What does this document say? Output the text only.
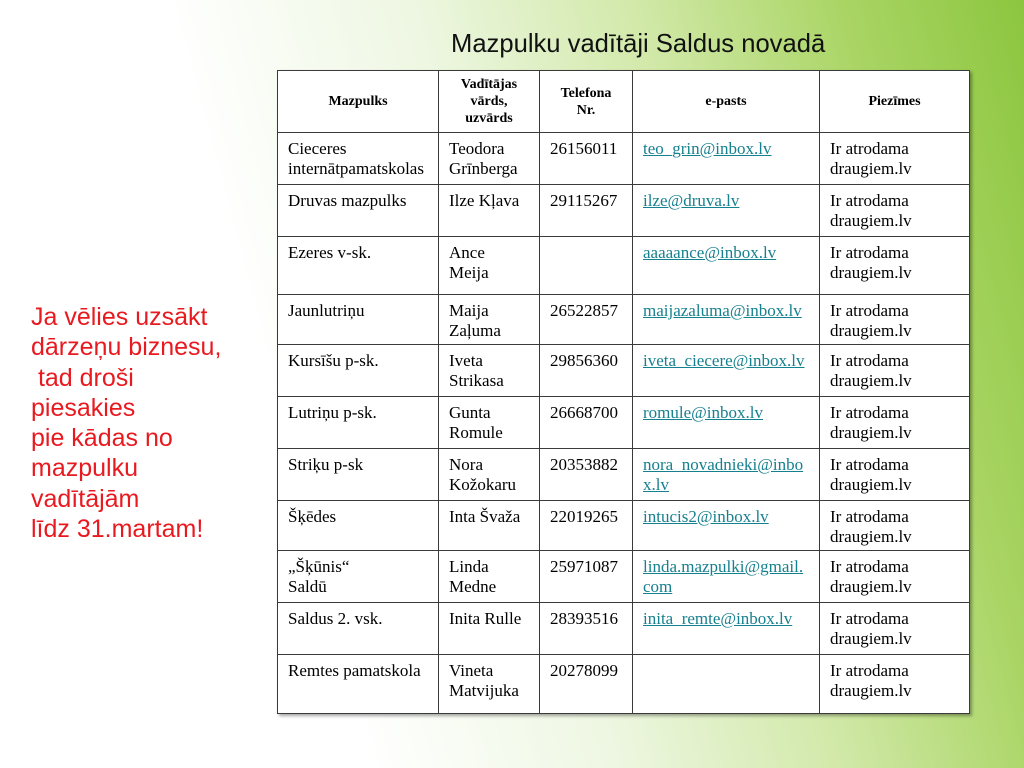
Mazpulku vadītāji Saldus novadā
Ja vēlies uzsākt
dārzeņu biznesu,
tad droši
piesakies
pie kādas no
mazpulku
vadītājām
līdz 31.martam!
Mazpulks	Vadītājas vārds, uzvārds	Telefona Nr.	e-pasts	Piezīmes
Cieceres internātpamatskolas	Teodora Grīnberga	26156011	teo_grin@inbox.lv	Ir atrodama draugiem.lv
Druvas mazpulks	Ilze Kļava	29115267	ilze@druva.lv	Ir atrodama draugiem.lv
Ezeres v-sk.	Ance Meija		aaaaance@inbox.lv	Ir atrodama draugiem.lv
Jaunlutriņu	Maija Zaļuma	26522857	maijazaluma@inbox.lv	Ir atrodama draugiem.lv
Kursīšu p-sk.	Iveta Strikasa	29856360	iveta_ciecere@inbox.lv	Ir atrodama draugiem.lv
Lutriņu p-sk.	Gunta Romule	26668700	romule@inbox.lv	Ir atrodama draugiem.lv
Striķu p-sk	Nora Kožokaru	20353882	nora_novadnieki@inbox.lv	Ir atrodama draugiem.lv
Šķēdes	Inta Švaža	22019265	intucis2@inbox.lv	Ir atrodama draugiem.lv
„Šķūnis“
Saldū	Linda Medne	25971087	linda.mazpulki@gmail.com	Ir atrodama draugiem.lv
Saldus 2. vsk.	Inita Rulle	28393516	inita_remte@inbox.lv	Ir atrodama draugiem.lv
Remtes pamatskola	Vineta Matvijuka	20278099		Ir atrodama draugiem.lv
